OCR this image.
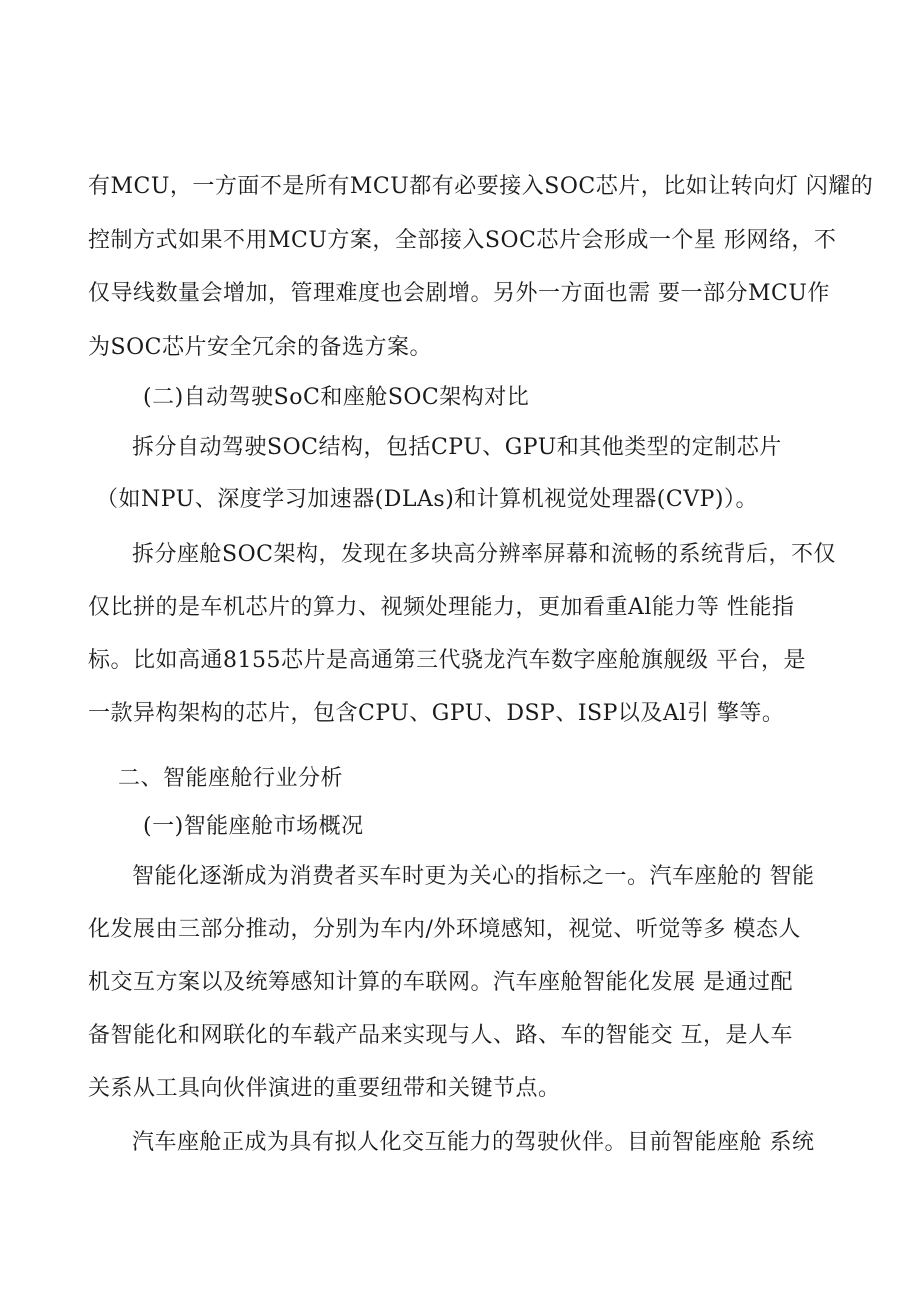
有MCU，一方面不是所有MCU都有必要接入SOC芯片，比如让转向灯 闪耀的
控制方式如果不用MCU方案，全部接入SOC芯片会形成一个星 形网络，不
仅导线数量会增加，管理难度也会剧增。另外一方面也需 要一部分MCU作
为SOC芯片安全冗余的备选方案。
(二)自动驾驶SoC和座舱SOC架构对比
拆分自动驾驶SOC结构，包括CPU、GPU和其他类型的定制芯片
（如NPU、深度学习加速器(DLAs)和计算机视觉处理器(CVP)）。
拆分座舱SOC架构，发现在多块高分辨率屏幕和流畅的系统背后，不仅
仅比拼的是车机芯片的算力、视频处理能力，更加看重Al能力等 性能指
标。比如高通8155芯片是高通第三代骁龙汽车数字座舱旗舰级 平台，是
一款异构架构的芯片，包含CPU、GPU、DSP、ISP以及Al引 擎等。
二、智能座舱行业分析
(一)智能座舱市场概况
智能化逐渐成为消费者买车时更为关心的指标之一。汽车座舱的 智能
化发展由三部分推动，分别为车内/外环境感知，视觉、听觉等多 模态人
机交互方案以及统筹感知计算的车联网。汽车座舱智能化发展 是通过配
备智能化和网联化的车载产品来实现与人、路、车的智能交 互，是人车
关系从工具向伙伴演进的重要纽带和关键节点。
汽车座舱正成为具有拟人化交互能力的驾驶伙伴。目前智能座舱 系统
